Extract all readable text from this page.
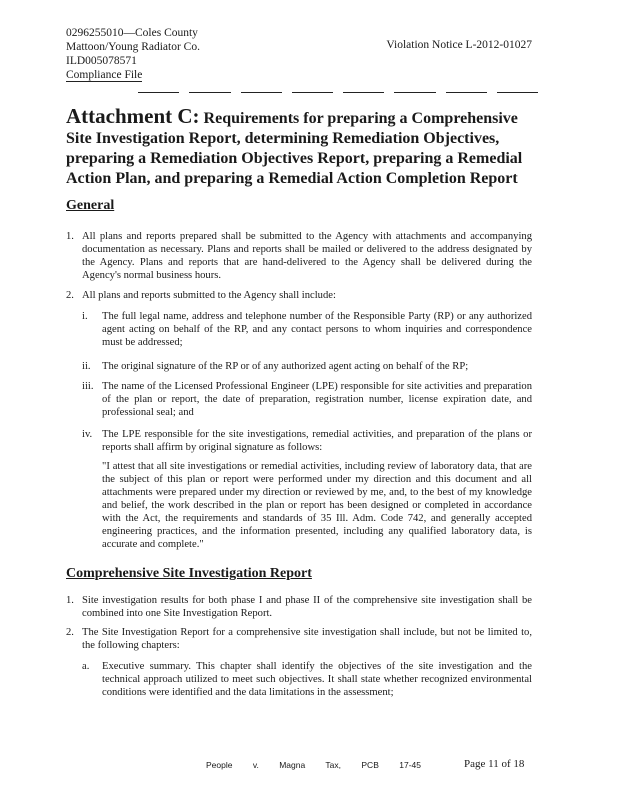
0296255010—Coles County
Mattoon/Young Radiator Co.
ILD005078571
Compliance File
Violation Notice L-2012-01027
Attachment C: Requirements for preparing a Comprehensive Site Investigation Report, determining Remediation Objectives, preparing a Remediation Objectives Report, preparing a Remedial Action Plan, and preparing a Remedial Action Completion Report
General
1. All plans and reports prepared shall be submitted to the Agency with attachments and accompanying documentation as necessary. Plans and reports shall be mailed or delivered to the address designated by the Agency. Plans and reports that are hand-delivered to the Agency shall be delivered during the Agency's normal business hours.
2. All plans and reports submitted to the Agency shall include:
i. The full legal name, address and telephone number of the Responsible Party (RP) or any authorized agent acting on behalf of the RP, and any contact persons to whom inquiries and correspondence must be addressed;
ii. The original signature of the RP or of any authorized agent acting on behalf of the RP;
iii. The name of the Licensed Professional Engineer (LPE) responsible for site activities and preparation of the plan or report, the date of preparation, registration number, license expiration date, and professional seal; and
iv. The LPE responsible for the site investigations, remedial activities, and preparation of the plans or reports shall affirm by original signature as follows:
"I attest that all site investigations or remedial activities, including review of laboratory data, that are the subject of this plan or report were performed under my direction and this document and all attachments were prepared under my direction or reviewed by me, and, to the best of my knowledge and belief, the work described in the plan or report has been designed or completed in accordance with the Act, the requirements and standards of 35 Ill. Adm. Code 742, and generally accepted engineering practices, and the information presented, including any qualified laboratory data, is accurate and complete."
Comprehensive Site Investigation Report
1. Site investigation results for both phase I and phase II of the comprehensive site investigation shall be combined into one Site Investigation Report.
2. The Site Investigation Report for a comprehensive site investigation shall include, but not be limited to, the following chapters:
a. Executive summary. This chapter shall identify the objectives of the site investigation and the technical approach utilized to meet such objectives. It shall state whether recognized environmental conditions were identified and the data limitations in the assessment;
People v. Magna Tax, PCB 17-45	Page 11 of 18
